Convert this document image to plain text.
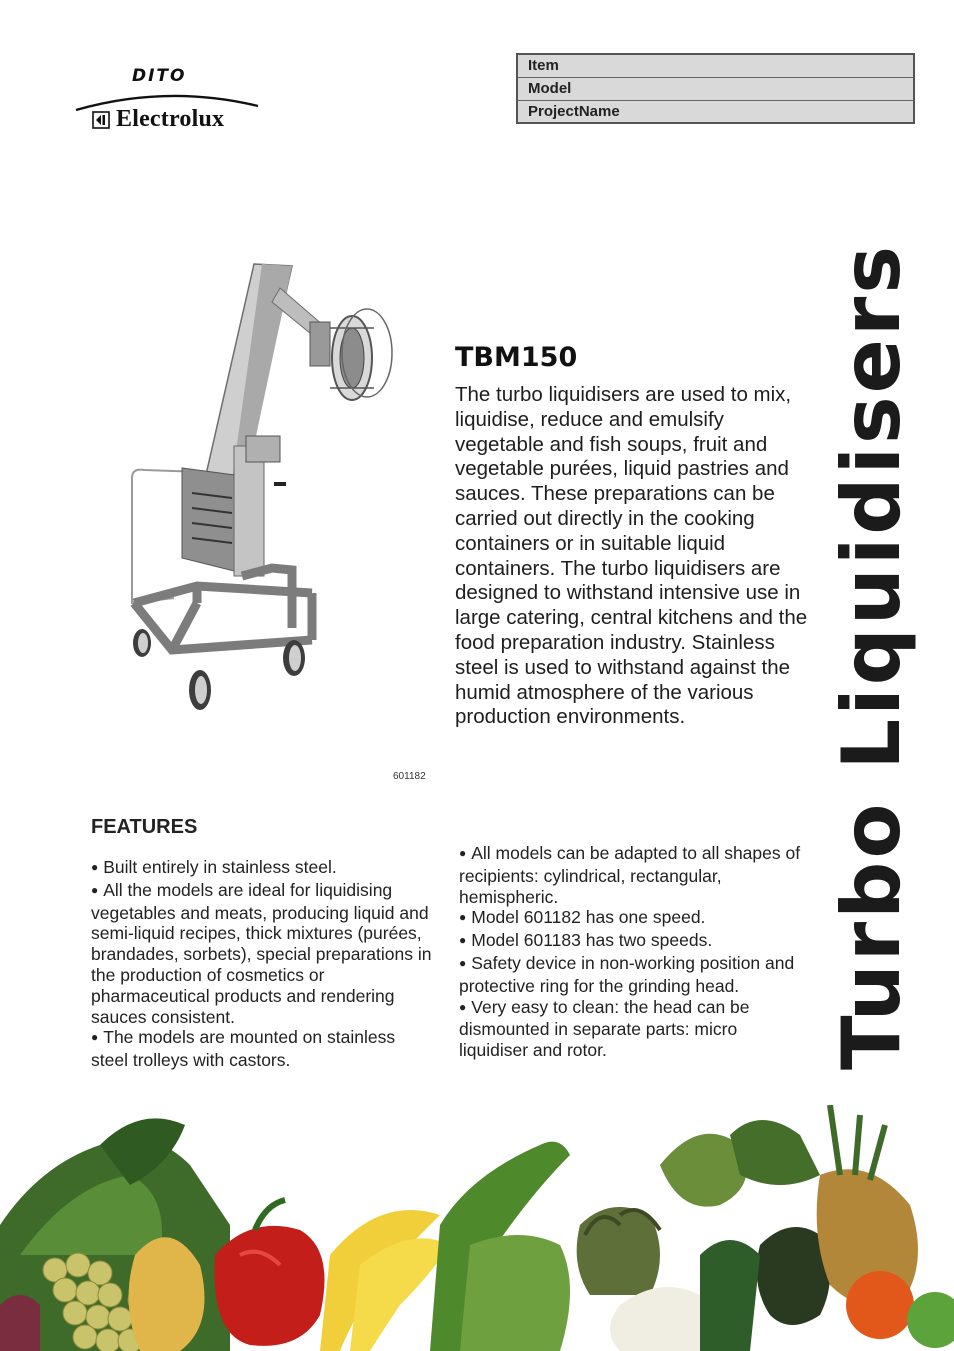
DITO
Electrolux
Item
Model
ProjectName
Turbo Liquidisers
601182
TBM150
The turbo liquidisers are used to mix, liquidise, reduce and emulsify vegetable and fish soups, fruit and vegetable purées, liquid pastries and sauces. These preparations can be carried out directly in the cooking containers or in suitable liquid containers. The turbo liquidisers are designed to withstand intensive use in large catering, central kitchens and the food preparation industry. Stainless steel is used to withstand against the humid atmosphere of the various production environments.
FEATURES
● Built entirely in stainless steel.
● All the models are ideal for liquidising vegetables and meats, producing liquid and semi-liquid recipes, thick mixtures (purées, brandades, sorbets), special preparations in the production of cosmetics or pharmaceutical products and rendering sauces consistent.
● The models are mounted on stainless steel trolleys with castors.
● All models can be adapted to all shapes of recipients: cylindrical, rectangular, hemispheric.
● Model 601182 has one speed.
● Model 601183 has two speeds.
● Safety device in non-working position and protective ring for the grinding head.
● Very easy to clean: the head can be dismounted in separate parts: micro liquidiser and rotor.
